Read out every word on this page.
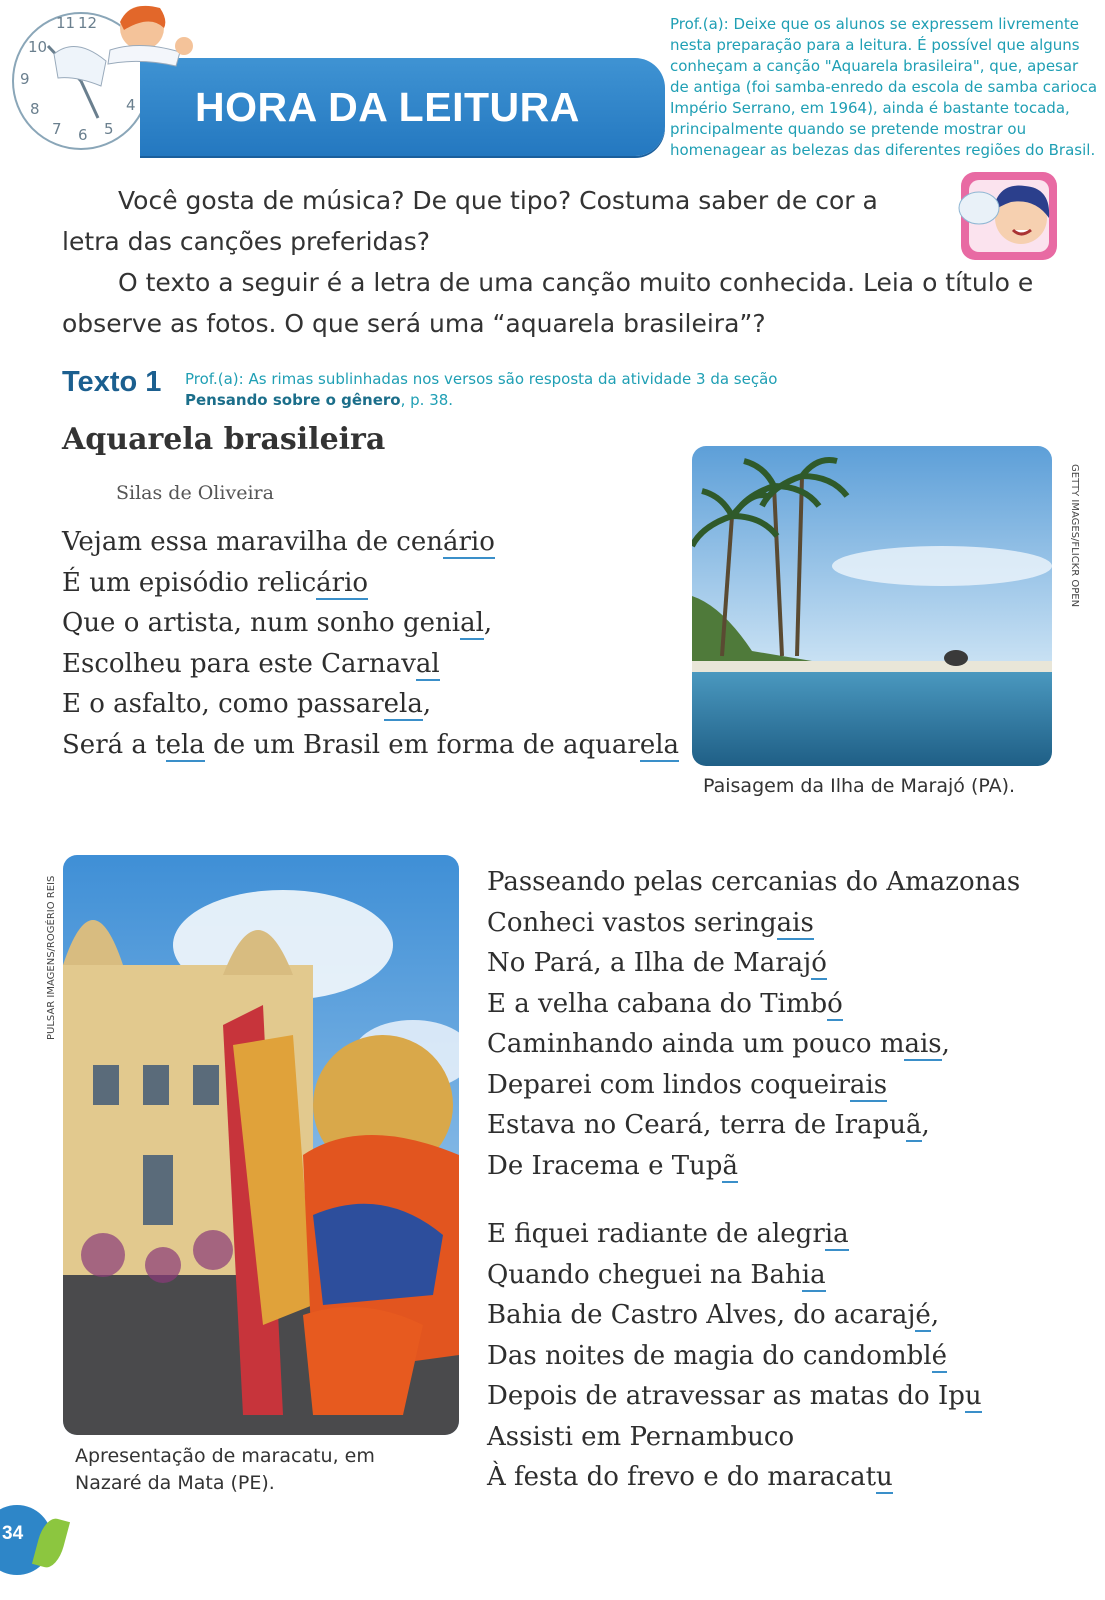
12
11
10
9
8
7 6 5
4 HORA DA LEITURA
Prof.(a): Deixe que os alunos se expressem livremente nesta preparação para a leitura. É possível que alguns conheçam a canção "Aquarela brasileira", que, apesar de antiga (foi samba-enredo da escola de samba carioca Império Serrano, em 1964), ainda é bastante tocada, principalmente quando se pretende mostrar ou homenagear as belezas das diferentes regiões do Brasil.

Você gosta de música? De que tipo? Costuma saber de cor a letra das canções preferidas?

O texto a seguir é a letra de uma canção muito conhecida. Leia o título e observe as fotos. O que será uma “aquarela brasileira”?

Texto 1 Prof.(a): As rimas sublinhadas nos versos são resposta da atividade 3 da seção Pensando sobre o gênero, p. 38.
Aquarela brasileira
Silas de Oliveira
Vejam essa maravilha de cenário
É um episódio relicário
Que o artista, num sonho genial,
Escolheu para este Carnaval
E o asfalto, como passarela,
Será a tela de um Brasil em forma de aquarela
Passeando pelas cercanias do Amazonas
Conheci vastos seringais
No Pará, a Ilha de Marajó
E a velha cabana do Timbó
Caminhando ainda um pouco mais,
Deparei com lindos coqueirais
Estava no Ceará, terra de Irapuã,
De Iracema e Tupã
E fiquei radiante de alegria
Quando cheguei na Bahia
Bahia de Castro Alves, do acarajé,
Das noites de magia do candomblé
Depois de atravessar as matas do Ipu
Assisti em Pernambuco
À festa do frevo e do maracatu
GETTY IMAGES/FLICKR OPEN
Paisagem da Ilha de Marajó (PA).
PULSAR IMAGENS/ROGÉRIO REIS
Apresentação de maracatu, em Nazaré da Mata (PE).
34
